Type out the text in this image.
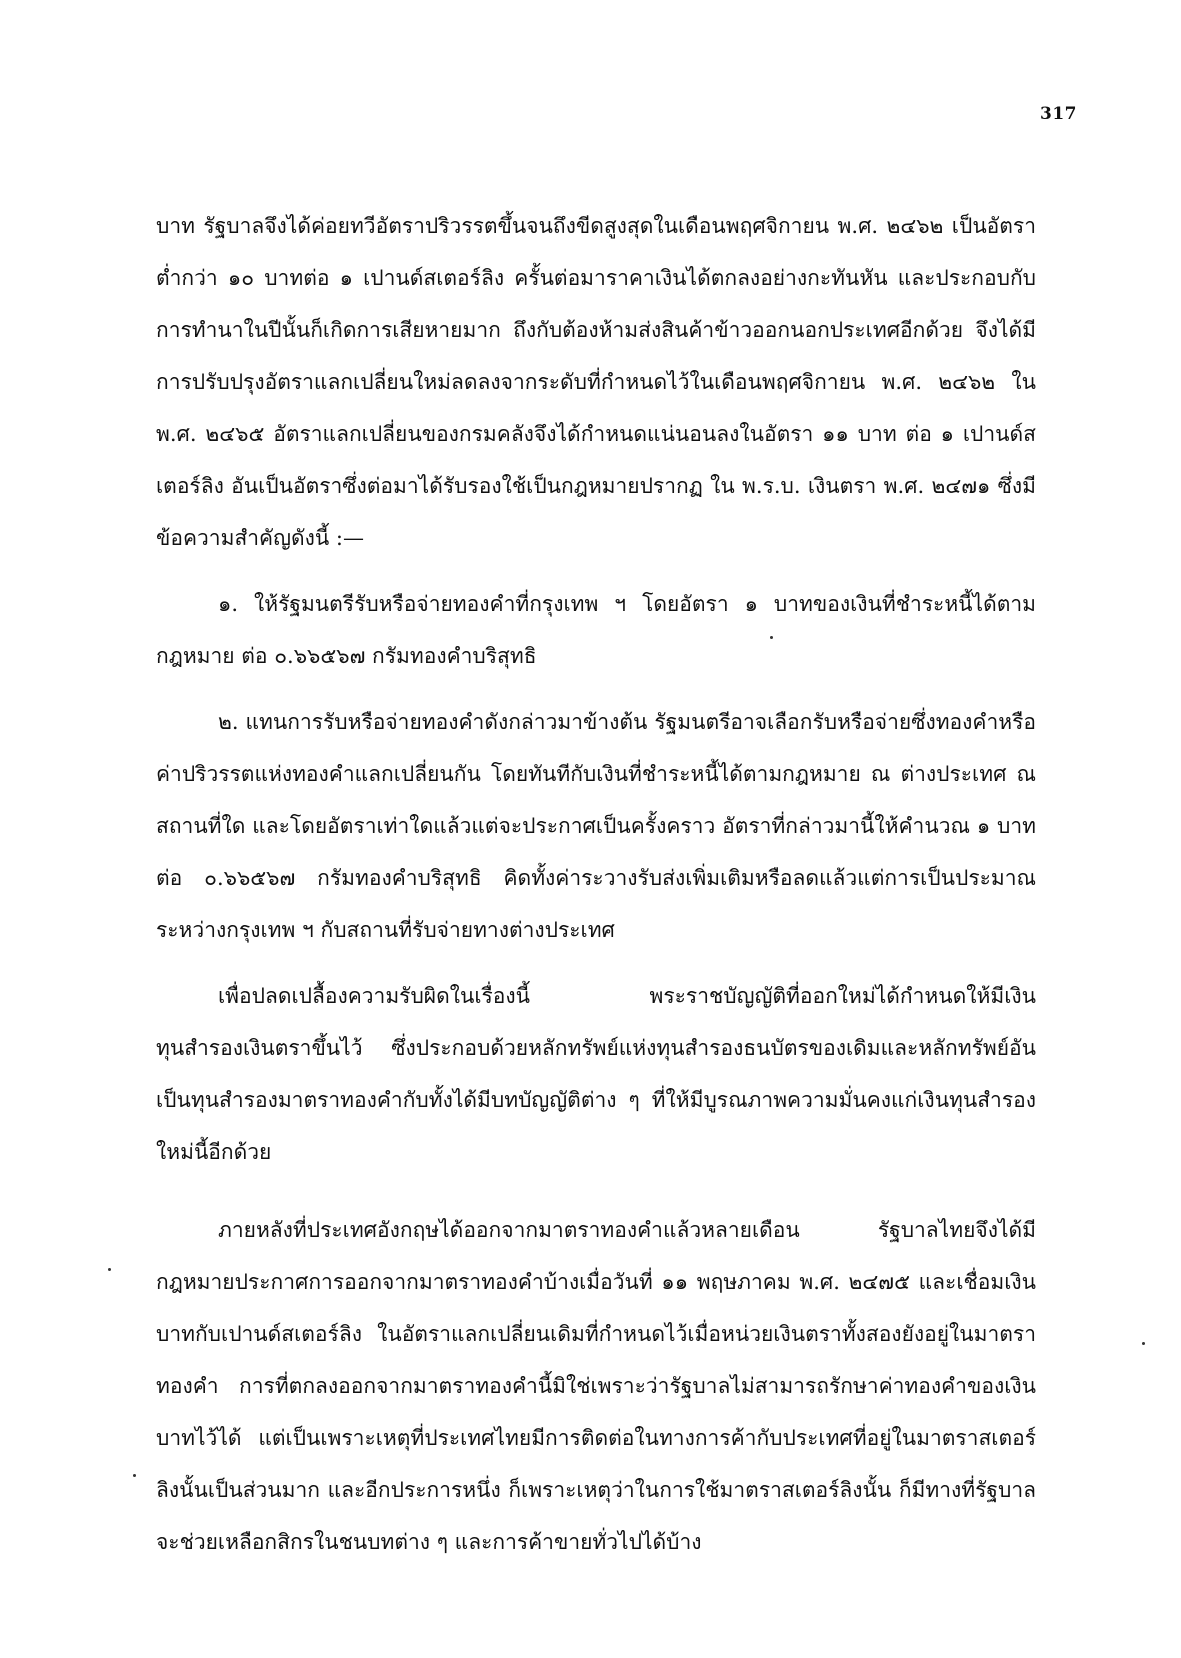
317

บาท รัฐบาลจึงได้ค่อยทวีอัตราปริวรรตขึ้นจนถึงขีดสูงสุดในเดือนพฤศจิกายน พ.ศ. ๒๔๖๒ เป็นอัตราต่ำกว่า ๑๐ บาทต่อ ๑ เปานด์สเตอร์ลิง ครั้นต่อมาราคาเงินได้ตกลงอย่างกะทันหัน และประกอบกับการทำนาในปีนั้นก็เกิดการเสียหายมาก ถึงกับต้องห้ามส่งสินค้าข้าวออกนอกประเทศอีกด้วย จึงได้มีการปรับปรุงอัตราแลกเปลี่ยนใหม่ลดลงจากระดับที่กำหนดไว้ในเดือนพฤศจิกายน พ.ศ. ๒๔๖๒ ใน พ.ศ. ๒๔๖๕ อัตราแลกเปลี่ยนของกรมคลังจึงได้กำหนดแน่นอนลงในอัตรา ๑๑ บาท ต่อ ๑ เปานด์สเตอร์ลิง อันเป็นอัตราซึ่งต่อมาได้รับรองใช้เป็นกฎหมายปรากฏ ใน พ.ร.บ. เงินตรา พ.ศ. ๒๔๗๑ ซึ่งมีข้อความสำคัญดังนี้ :—

๑. ให้รัฐมนตรีรับหรือจ่ายทองคำที่กรุงเทพ ฯ โดยอัตรา ๑ บาทของเงินที่ชำระหนี้ได้ตามกฎหมาย ต่อ ๐.๖๖๕๖๗ กรัมทองคำบริสุทธิ

๒. แทนการรับหรือจ่ายทองคำดังกล่าวมาข้างต้น รัฐมนตรีอาจเลือกรับหรือจ่ายซึ่งทองคำหรือค่าปริวรรตแห่งทองคำแลกเปลี่ยนกัน โดยทันทีกับเงินที่ชำระหนี้ได้ตามกฎหมาย ณ ต่างประเทศ ณ สถานที่ใด และโดยอัตราเท่าใดแล้วแต่จะประกาศเป็นครั้งคราว อัตราที่กล่าวมานี้ให้คำนวณ ๑ บาท ต่อ ๐.๖๖๕๖๗ กรัมทองคำบริสุทธิ คิดทั้งค่าระวางรับส่งเพิ่มเติมหรือลดแล้วแต่การเป็นประมาณ ระหว่างกรุงเทพ ฯ กับสถานที่รับจ่ายทางต่างประเทศ

เพื่อปลดเปลื้องความรับผิดในเรื่องนี้ พระราชบัญญัติที่ออกใหม่ได้กำหนดให้มีเงินทุนสำรองเงินตราขึ้นไว้ ซึ่งประกอบด้วยหลักทรัพย์แห่งทุนสำรองธนบัตรของเดิมและหลักทรัพย์อันเป็นทุนสำรองมาตราทองคำกับทั้งได้มีบทบัญญัติต่าง ๆ ที่ให้มีบูรณภาพความมั่นคงแก่เงินทุนสำรองใหม่นี้อีกด้วย

ภายหลังที่ประเทศอังกฤษได้ออกจากมาตราทองคำแล้วหลายเดือน รัฐบาลไทยจึงได้มีกฎหมายประกาศการออกจากมาตราทองคำบ้างเมื่อวันที่ ๑๑ พฤษภาคม พ.ศ. ๒๔๗๕ และเชื่อมเงินบาทกับเปานด์สเตอร์ลิง ในอัตราแลกเปลี่ยนเดิมที่กำหนดไว้เมื่อหน่วยเงินตราทั้งสองยังอยู่ในมาตราทองคำ การที่ตกลงออกจากมาตราทองคำนี้มิใช่เพราะว่ารัฐบาลไม่สามารถรักษาค่าทองคำของเงินบาทไว้ได้ แต่เป็นเพราะเหตุที่ประเทศไทยมีการติดต่อในทางการค้ากับประเทศที่อยู่ในมาตราสเตอร์ลิงนั้นเป็นส่วนมาก และอีกประการหนึ่ง ก็เพราะเหตุว่าในการใช้มาตราสเตอร์ลิงนั้น ก็มีทางที่รัฐบาลจะช่วยเหลือกสิกรในชนบทต่าง ๆ และการค้าขายทั่วไปได้บ้าง
